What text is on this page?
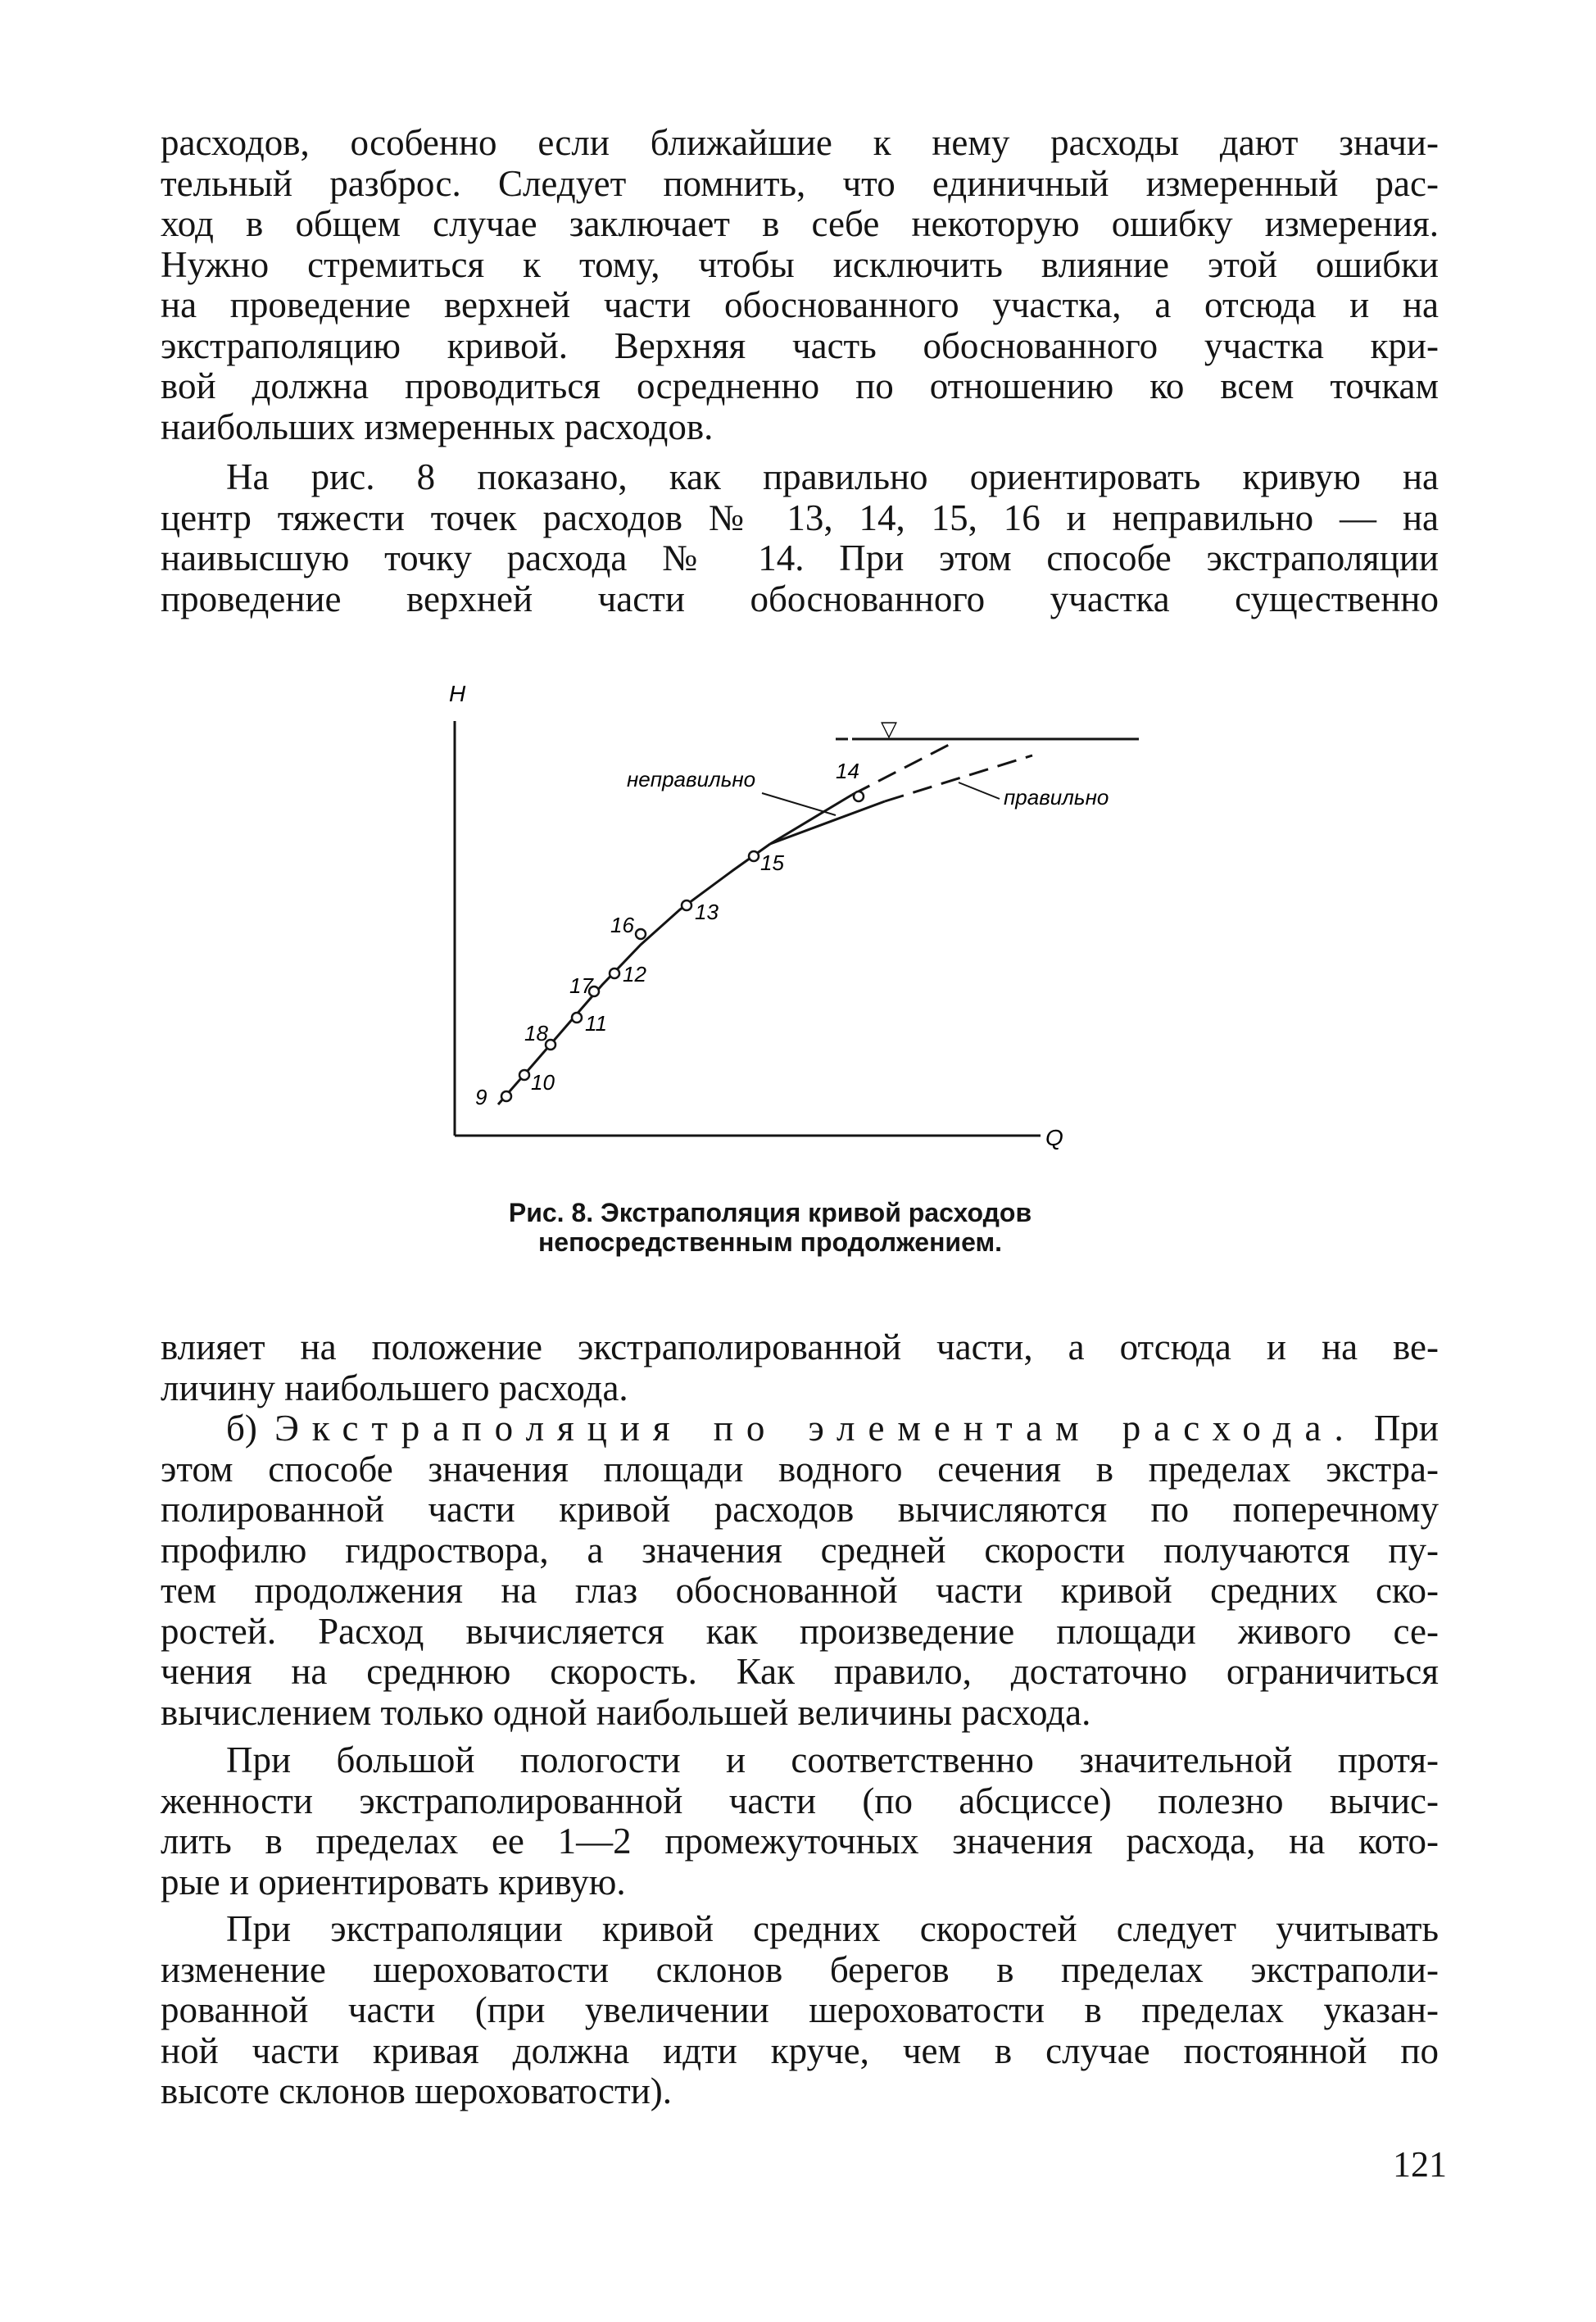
расходов, особенно если ближайшие к нему расходы дают значи-
тельный разброс. Следует помнить, что единичный измеренный рас-
ход в общем случае заключает в себе некоторую ошибку измерения.
Нужно стремиться к тому, чтобы исключить влияние этой ошибки
на проведение верхней части обоснованного участка, а отсюда и на
экстраполяцию кривой. Верхняя часть обоснованного участка кри-
вой должна проводиться осредненно по отношению ко всем точкам
наибольших измеренных расходов.

На рис. 8 показано, как правильно ориентировать кривую на
центр тяжести точек расходов № 13, 14, 15, 16 и неправильно — на
наивысшую точку расхода № 14. При этом способе экстраполяции
проведение верхней части обоснованного участка существенно

H
Q
▽
неправильно
правильно
9
10
18 11
17 12
16
13
15
14
Рис. 8. Экстраполяция кривой расходов
непосредственным продолжением.

влияет на положение экстраполированной части, а отсюда и на ве-
личину наибольшего расхода.

б) Экстраполяция по элементам расхода. При
этом способе значения площади водного сечения в пределах экстра-
полированной части кривой расходов вычисляются по поперечному
профилю гидроствора, а значения средней скорости получаются пу-
тем продолжения на глаз обоснованной части кривой средних ско-
ростей. Расход вычисляется как произведение площади живого се-
чения на среднюю скорость. Как правило, достаточно ограничиться
вычислением только одной наибольшей величины расхода.

При большой пологости и соответственно значительной протя-
женности экстраполированной части (по абсциссе) полезно вычис-
лить в пределах ее 1—2 промежуточных значения расхода, на кото-
рые и ориентировать кривую.

При экстраполяции кривой средних скоростей следует учитывать
изменение шероховатости склонов берегов в пределах экстраполи-
рованной части (при увеличении шероховатости в пределах указан-
ной части кривая должна идти круче, чем в случае постоянной по
высоте склонов шероховатости).

121
